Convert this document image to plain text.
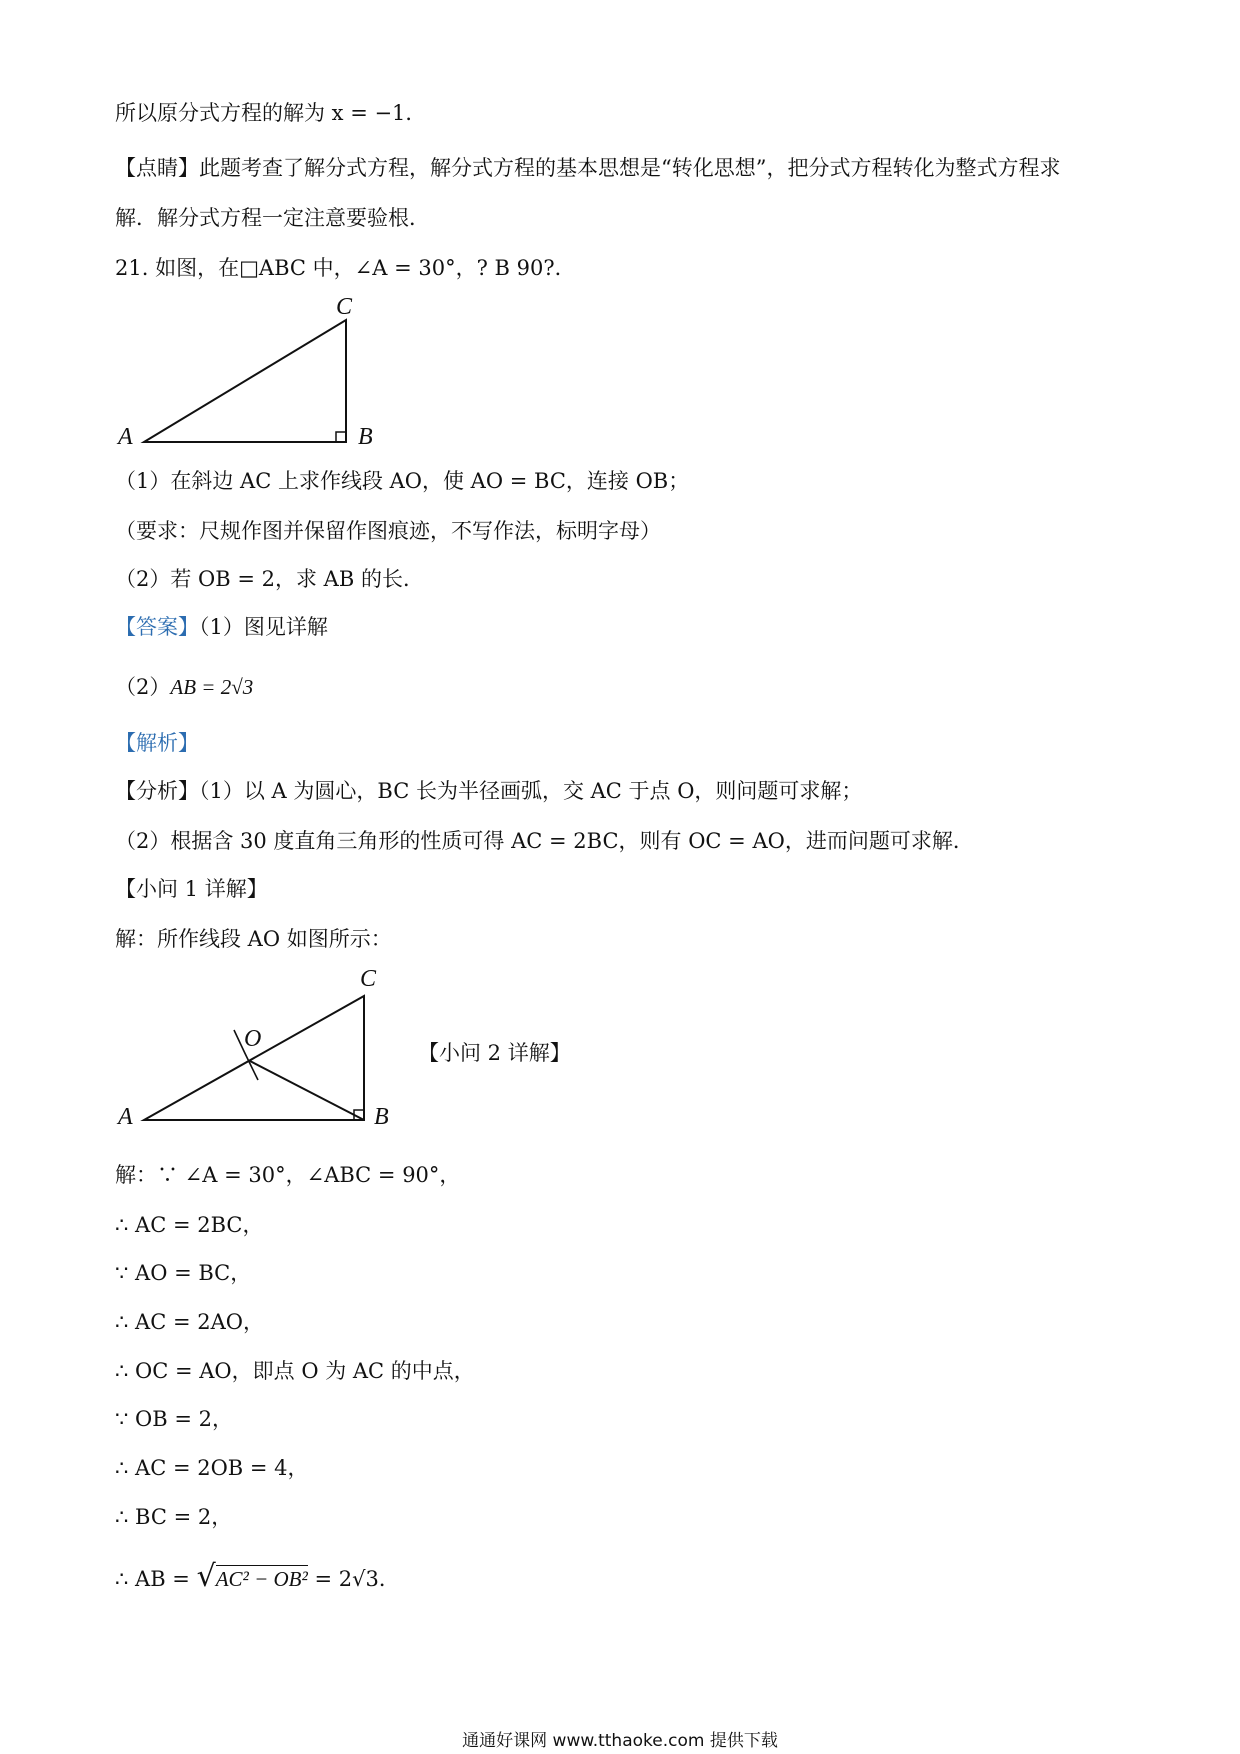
所以原分式方程的解为 x = −1．
【点睛】此题考查了解分式方程，解分式方程的基本思想是“转化思想”，把分式方程转化为整式方程求
解．解分式方程一定注意要验根．
21. 如图，在□ABC 中，∠A = 30°，? B 90?．
A	B
C
（1）在斜边 AC 上求作线段 AO，使 AO = BC，连接 OB；
（要求：尺规作图并保留作图痕迹，不写作法，标明字母）
（2）若 OB = 2，求 AB 的长．
【答案】（1）图见详解
（2）AB = 2√3
【解析】
【分析】（1）以 A 为圆心，BC 长为半径画弧，交 AC 于点 O，则问题可求解；
（2）根据含 30 度直角三角形的性质可得 AC = 2BC，则有 OC = AO，进而问题可求解．
【小问 1 详解】
解：所作线段 AO 如图所示：
A	B
C
O
【小问 2 详解】
解：∵ ∠A = 30°，∠ABC = 90°，
∴ AC = 2BC，
∵ AO = BC，
∴ AC = 2AO，
∴ OC = AO，即点 O 为 AC 的中点，
∵ OB = 2，
∴ AC = 2OB = 4，
∴ BC = 2，
∴ AB = √AC² − OB² = 2√3．
通通好课网 www.tthaoke.com 提供下载
